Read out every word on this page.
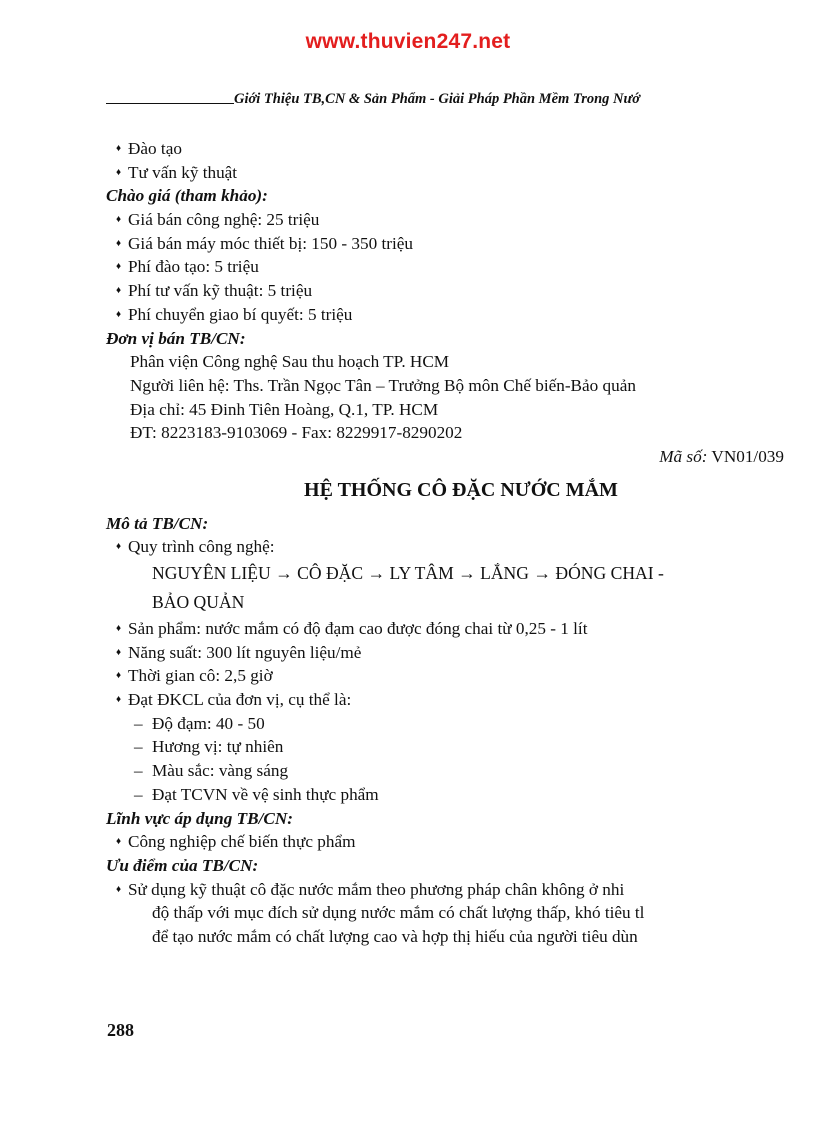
www.thuvien247.net
Giới Thiệu TB,CN & Sản Phẩm - Giải Pháp Phần Mềm Trong Nướ
♦ Đào tạo
♦ Tư vấn kỹ thuật
Chào giá (tham khảo):
♦ Giá bán công nghệ: 25 triệu
♦ Giá bán máy móc thiết bị: 150 - 350 triệu
♦ Phí đào tạo: 5 triệu
♦ Phí tư vấn kỹ thuật: 5 triệu
♦ Phí chuyển giao bí quyết: 5 triệu
Đơn vị bán TB/CN:
Phân viện Công nghệ Sau thu hoạch TP. HCM
Người liên hệ: Ths. Trần Ngọc Tân – Trưởng Bộ môn Chế biến-Bảo quản
Địa chỉ: 45 Đinh Tiên Hoàng, Q.1, TP. HCM
ĐT: 8223183-9103069 - Fax: 8229917-8290202
Mã số: VN01/039
HỆ THỐNG CÔ ĐẶC NƯỚC MẮM
Mô tả TB/CN:
♦ Quy trình công nghệ:
NGUYÊN LIỆU → CÔ ĐẶC → LY TÂM → LẮNG → ĐÓNG CHAI -
BẢO QUẢN
♦ Sản phẩm: nước mắm có độ đạm cao được đóng chai từ 0,25 - 1 lít
♦ Năng suất: 300 lít nguyên liệu/mẻ
♦ Thời gian cô: 2,5 giờ
♦ Đạt ĐKCL của đơn vị, cụ thể là:
– Độ đạm: 40 - 50
– Hương vị: tự nhiên
– Màu sắc: vàng sáng
– Đạt TCVN về vệ sinh thực phẩm
Lĩnh vực áp dụng TB/CN:
♦ Công nghiệp chế biến thực phẩm
Ưu điểm của TB/CN:
♦ Sử dụng kỹ thuật cô đặc nước mắm theo phương pháp chân không ở nhi
độ thấp với mục đích sử dụng nước mắm có chất lượng thấp, khó tiêu tl
để tạo nước mắm có chất lượng cao và hợp thị hiếu của người tiêu dùn
288
